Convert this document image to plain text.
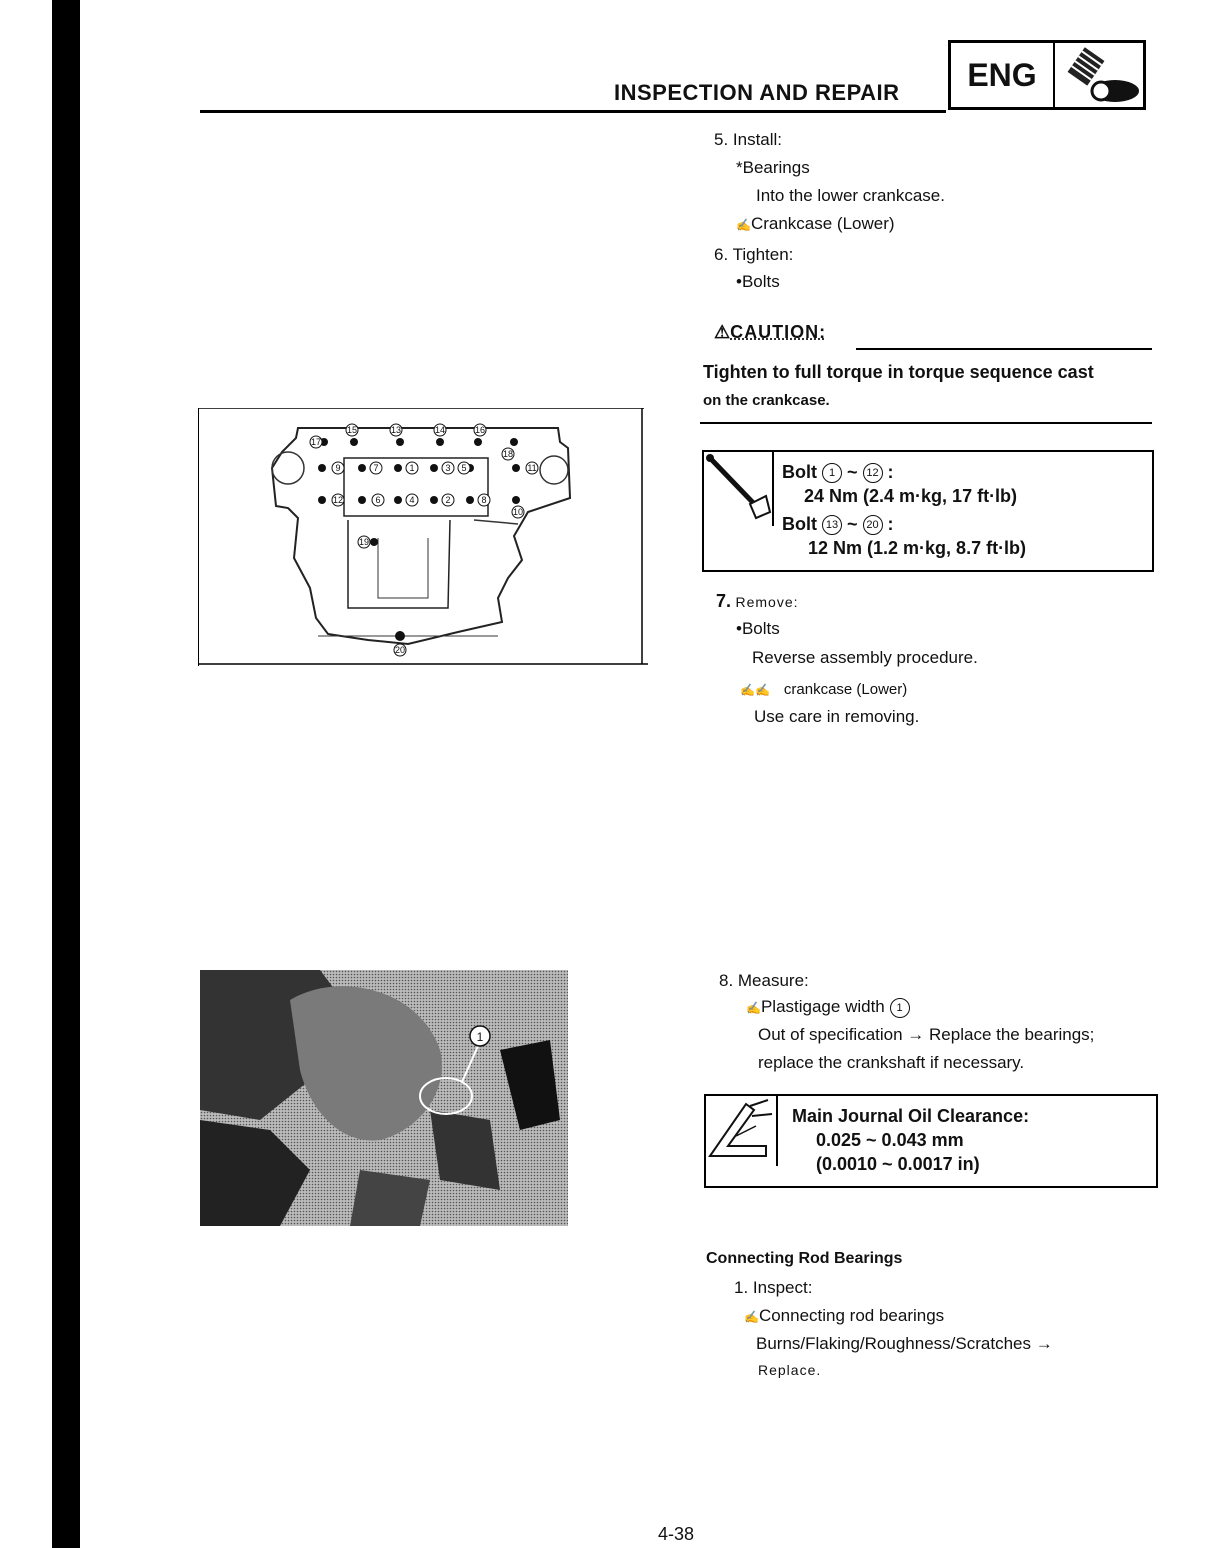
INSPECTION AND REPAIR	ENG
5. Install:
*Bearings
Into the lower crankcase.
✍Crankcase (Lower)
6. Tighten:
•Bolts
⚠CAUTION:
Tighten to full torque in torque sequence cast
on the crankcase.
Bolt 1 ~ 12 :
24 Nm (2.4 m·kg, 17 ft·lb)
Bolt 13 ~ 20 :
12 Nm (1.2 m·kg, 8.7 ft·lb)
7. Remove:
•Bolts
Reverse assembly procedure.
✍✍ crankcase (Lower)
Use care in removing.
15	13	14	16
17
18
9	7	1	3 5	11
12	6	4	2	8
10
19
20
1
8. Measure:
✍Plastigage width 1
Out of specification → Replace the bearings;
replace the crankshaft if necessary.
Main Journal Oil Clearance:
0.025 ~ 0.043 mm
(0.0010 ~ 0.0017 in)
Connecting Rod Bearings
1. Inspect:
✍Connecting rod bearings
Burns/Flaking/Roughness/Scratches →
Replace.
4-38
